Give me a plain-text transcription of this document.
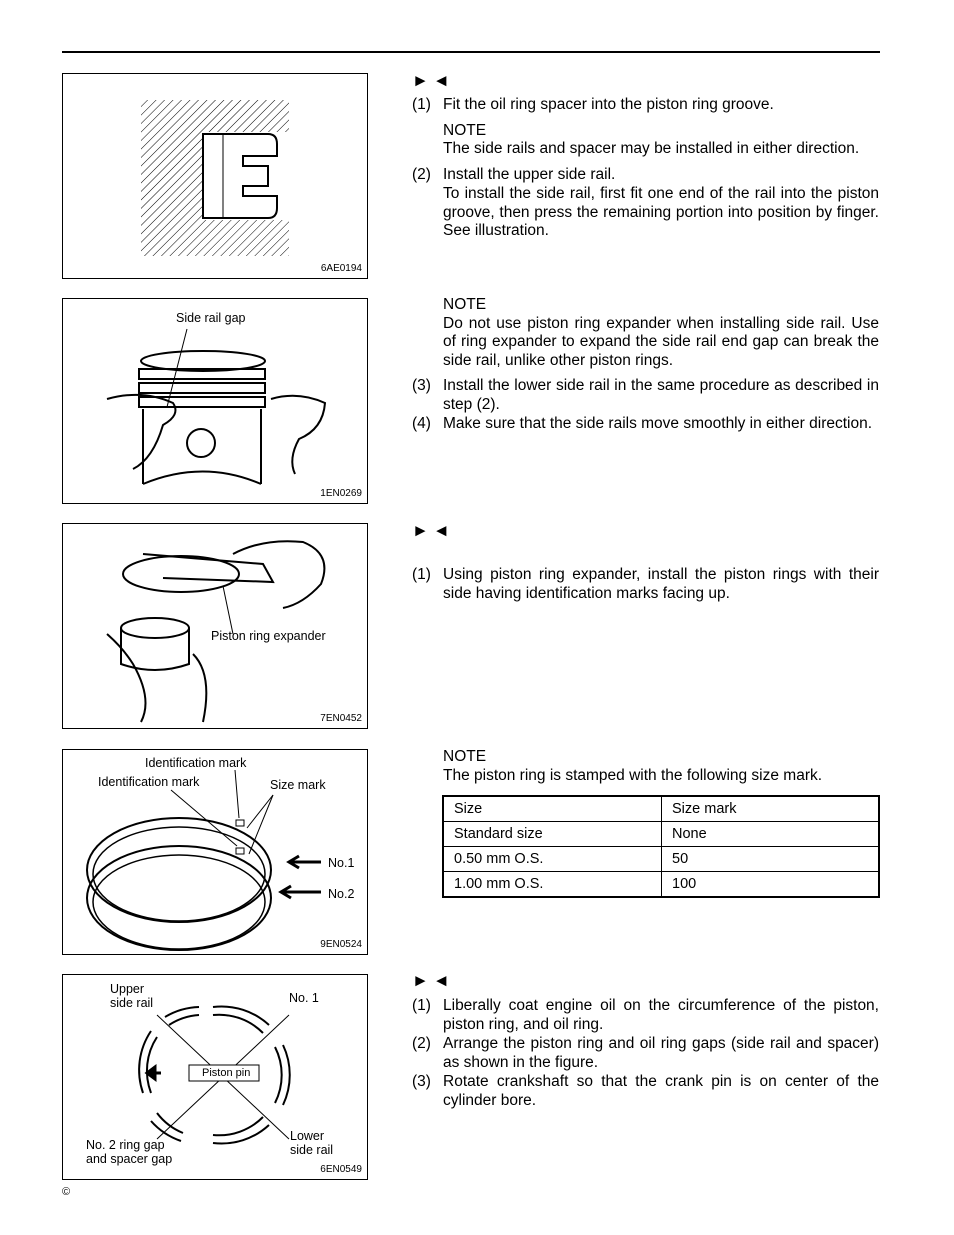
6AE0194
Side rail gap
1EN0269
Piston ring expander
7EN0452
Identification mark
Identification mark	Size mark
No.1
No.2
9EN0524
Upper
side rail	No. 1
Piston pin
Lower
side rail
No. 2 ring gap
and spacer gap
6EN0549
►◄
(1) Fit the oil ring spacer into the piston ring groove.
NOTE
The side rails and spacer may be installed in either direction.
(2) Install the upper side rail.
To install the side rail, first fit one end of the rail into the piston groove, then press the remaining portion into position by finger. See illustration.
NOTE
Do not use piston ring expander when installing side rail. Use of ring expander to expand the side rail end gap can break the side rail, unlike other piston rings.
(3) Install the lower side rail in the same procedure as described in step (2).
(4) Make sure that the side rails move smoothly in either direction.
►◄
(1) Using piston ring expander, install the piston rings with their side having identification marks facing up.
NOTE
The piston ring is stamped with the following size mark.
Size	Size mark
Standard size	None
0.50 mm O.S.	50
1.00 mm O.S.	100
►◄
(1) Liberally coat engine oil on the circumference of the piston, piston ring, and oil ring.
(2) Arrange the piston ring and oil ring gaps (side rail and spacer) as shown in the figure.
(3) Rotate crankshaft so that the crank pin is on center of the cylinder bore.
©
